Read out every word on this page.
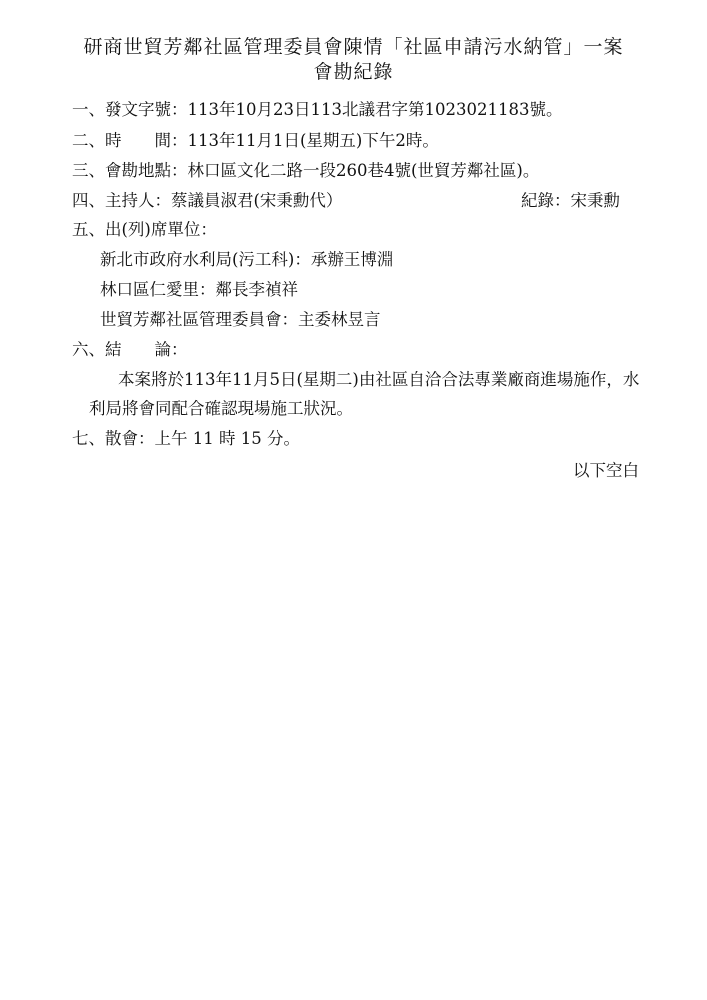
研商世貿芳鄰社區管理委員會陳情「社區申請污水納管」一案
會勘紀錄
一、發文字號：113年10月23日113北議君字第1023021183號。
二、時　　間：113年11月1日(星期五)下午2時。
三、會勘地點：林口區文化二路一段260巷4號(世貿芳鄰社區)。
四、主持人：蔡議員淑君(宋秉勳代）	紀錄：宋秉勳
五、出(列)席單位：
新北市政府水利局(污工科)：承辦王博淵
林口區仁愛里：鄰長李禎祥
世貿芳鄰社區管理委員會：主委林昱言
六、結　　論：
本案將於113年11月5日(星期二)由社區自洽合法專業廠商進場施作，水
利局將會同配合確認現場施工狀況。
七、散會：上午 11 時 15 分。
以下空白
